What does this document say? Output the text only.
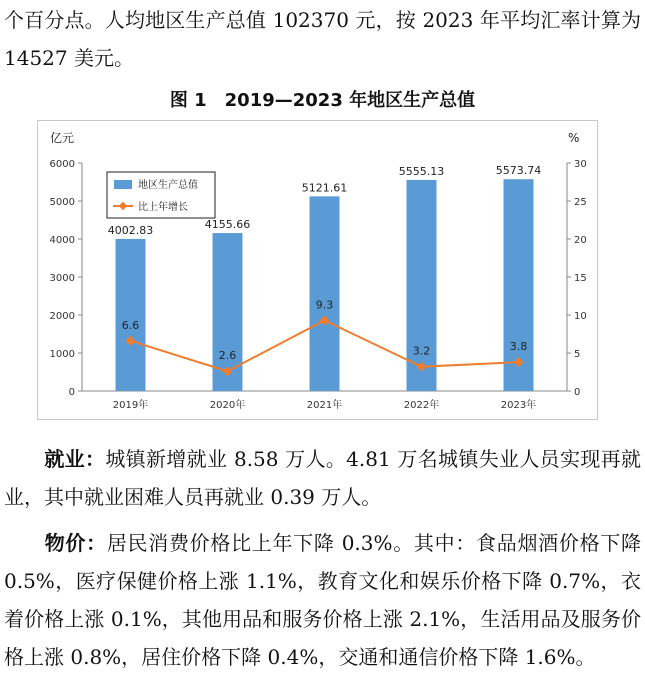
个百分点。人均地区生产总值 102370 元，按 2023 年平均汇率计算为 14527 美元。
图 1　2019—2023 年地区生产总值
0
1000
2000
3000
4000
5000
6000
0
5
10
15
20
25
30
亿元	%
4002.83	4155.66
5121.61
5555.13	5573.74
6.6
2.6
9.3
3.2	3.8
2019年	2020年	2021年	2022年	2023年
地区生产总值
比上年增长
  就业：城镇新增就业 8.58 万人。4.81 万名城镇失业人员实现再就业，其中就业困难人员再就业 0.39 万人。
  物价：居民消费价格比上年下降 0.3%。其中：食品烟酒价格下降 0.5%，医疗保健价格上涨 1.1%，教育文化和娱乐价格下降 0.7%，衣着价格上涨 0.1%，其他用品和服务价格上涨 2.1%，生活用品及服务价格上涨 0.8%，居住价格下降 0.4%，交通和通信价格下降 1.6%。
